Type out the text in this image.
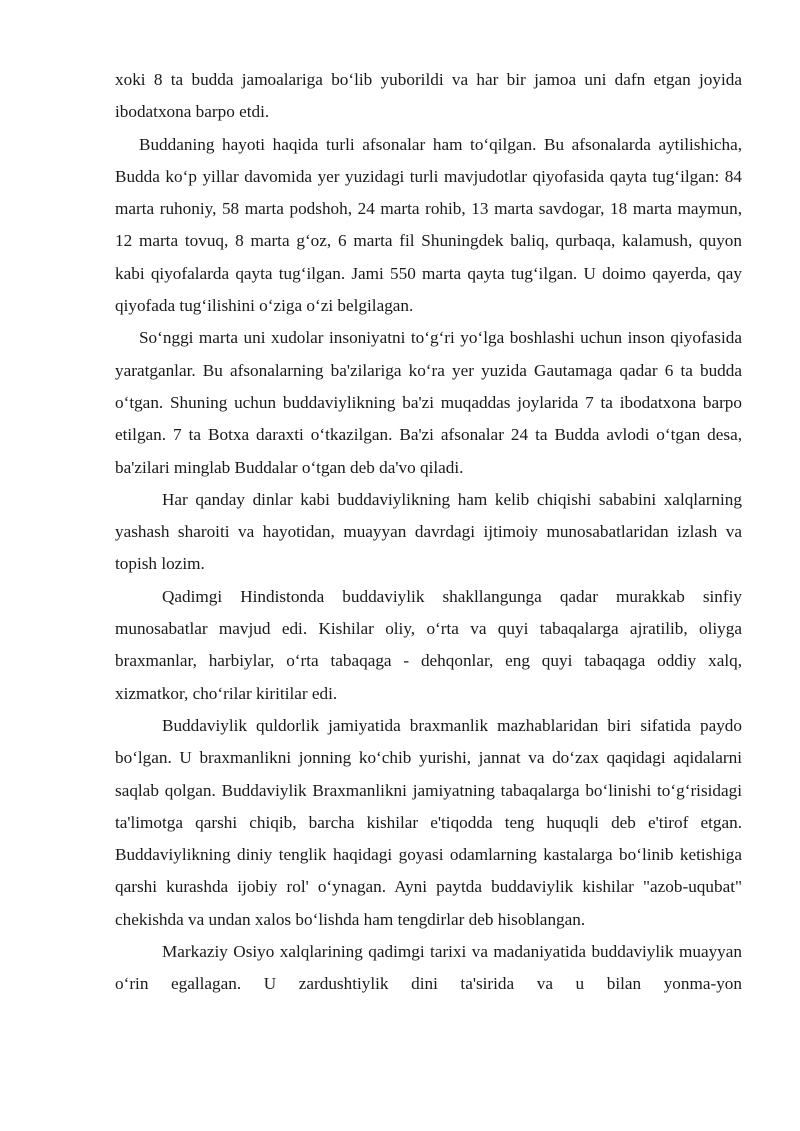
xoki 8 ta budda jamoalariga bo‘lib yuborildi va har bir jamoa uni dafn etgan joyida ibodatxona barpo etdi.

Buddaning hayoti haqida turli afsonalar ham to‘qilgan. Bu afsonalarda aytilishicha, Budda ko‘p yillar davomida yer yuzidagi turli mavjudotlar qiyofasida qayta tug‘ilgan: 84 marta ruhoniy, 58 marta podshoh, 24 marta rohib, 13 marta savdogar, 18 marta maymun, 12 marta tovuq, 8 marta g‘oz, 6 marta fil Shuningdek baliq, qurbaqa, kalamush, quyon kabi qiyofalarda qayta tug‘ilgan. Jami 550 marta qayta tug‘ilgan. U doimo qayerda, qay qiyofada tug‘ilishini o‘ziga o‘zi belgilagan.

So‘nggi marta uni xudolar insoniyatni to‘g‘ri yo‘lga boshlashi uchun inson qiyofasida yaratganlar. Bu afsonalarning ba'zilariga ko‘ra yer yuzida Gautamaga qadar 6 ta budda o‘tgan. Shuning uchun buddaviylikning ba'zi muqaddas joylarida 7 ta ibodatxona barpo etilgan. 7 ta Botxa daraxti o‘tkazilgan. Ba'zi afsonalar 24 ta Budda avlodi o‘tgan desa, ba'zilari minglab Buddalar o‘tgan deb da'vo qiladi.

Har qanday dinlar kabi buddaviylikning ham kelib chiqishi sababini xalqlarning yashash sharoiti va hayotidan, muayyan davrdagi ijtimoiy munosabatlaridan izlash va topish lozim.

Qadimgi Hindistonda buddaviylik shakllangunga qadar murakkab sinfiy munosabatlar mavjud edi. Kishilar oliy, o‘rta va quyi tabaqalarga ajratilib, oliyga braxmanlar, harbiylar, o‘rta tabaqaga - dehqonlar, eng quyi tabaqaga oddiy xalq, xizmatkor, cho‘rilar kiritilar edi.

Buddaviylik quldorlik jamiyatida braxmanlik mazhablaridan biri sifatida paydo bo‘lgan. U braxmanlikni jonning ko‘chib yurishi, jannat va do‘zax qaqidagi aqidalarni saqlab qolgan. Buddaviylik Braxmanlikni jamiyatning tabaqalarga bo‘linishi to‘g‘risidagi ta'limotga qarshi chiqib, barcha kishilar e'tiqodda teng huquqli deb e'tirof etgan. Buddaviylikning diniy tenglik haqidagi goyasi odamlarning kastalarga bo‘linib ketishiga qarshi kurashda ijobiy rol' o‘ynagan. Ayni paytda buddaviylik kishilar "azob-uqubat" chekishda va undan xalos bo‘lishda ham tengdirlar deb hisoblangan.

Markaziy Osiyo xalqlarining qadimgi tarixi va madaniyatida buddaviylik muayyan o‘rin egallagan. U zardushtiylik dini ta'sirida va u bilan yonma-yon
